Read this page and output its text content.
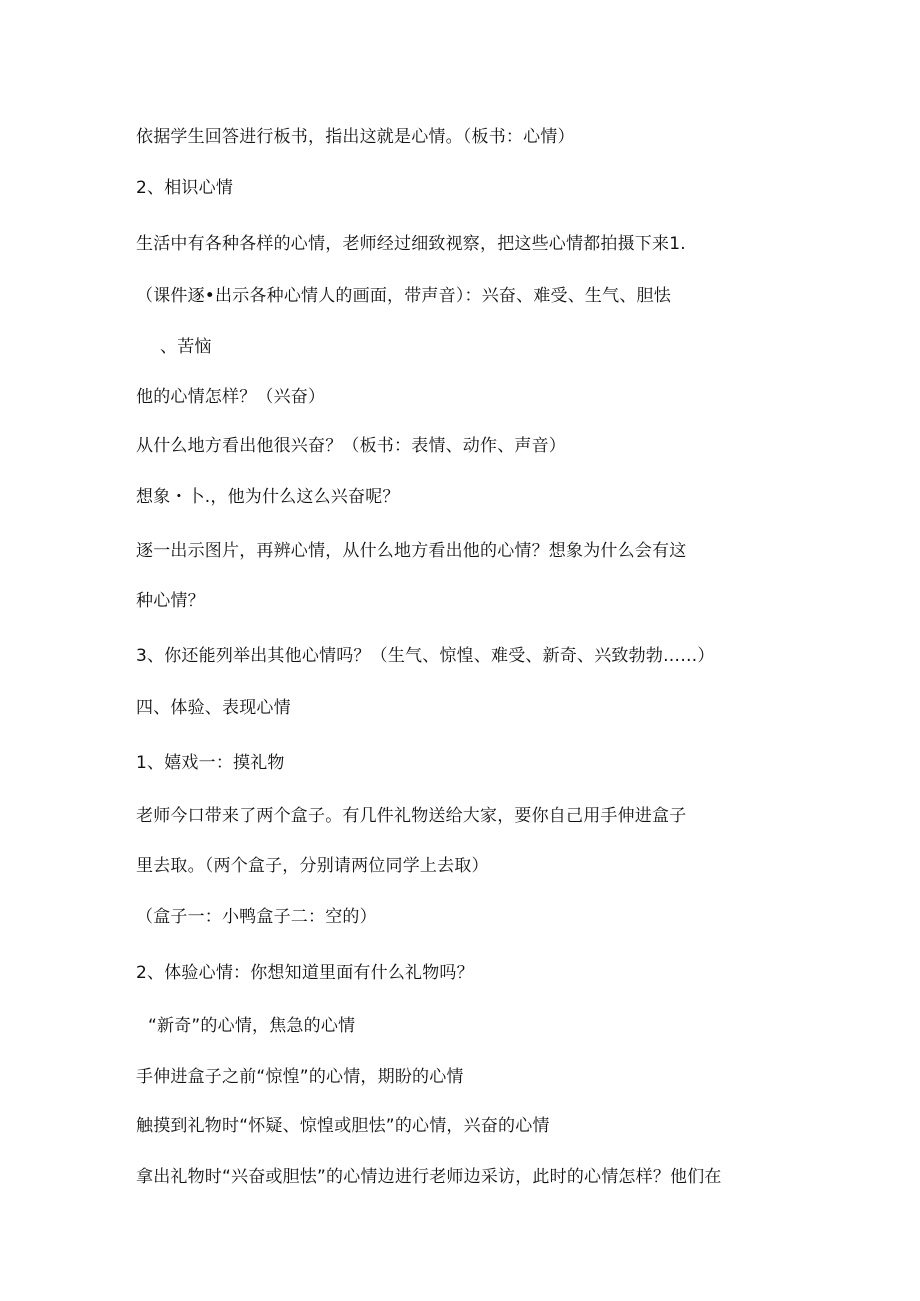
依据学生回答进行板书，指出这就是心情。（板书：心情）
2、相识心情
生活中有各种各样的心情，老师经过细致视察，把这些心情都拍摄下来1.
（课件逐•出示各种心情人的画面，带声音）：兴奋、难受、生气、胆怯
、苦恼
他的心情怎样？（兴奋）
从什么地方看出他很兴奋？（板书：表情、动作、声音）
想象・卜.，他为什么这么兴奋呢？
逐一出示图片，再辨心情，从什么地方看出他的心情？想象为什么会有这
种心情？
3、你还能列举出其他心情吗？（生气、惊惶、难受、新奇、兴致勃勃……）
四、体验、表现心情
1、嬉戏一：摸礼物
老师今口带来了两个盒子。有几件礼物送给大家，要你自己用手伸进盒子
里去取。（两个盒子，分别请两位同学上去取）
（盒子一：小鸭盒子二：空的）
2、体验心情：你想知道里面有什么礼物吗？
“新奇”的心情，焦急的心情
手伸进盒子之前“惊惶”的心情，期盼的心情
触摸到礼物时“怀疑、惊惶或胆怯”的心情，兴奋的心情
拿出礼物时“兴奋或胆怯”的心情边进行老师边采访，此时的心情怎样？他们在
